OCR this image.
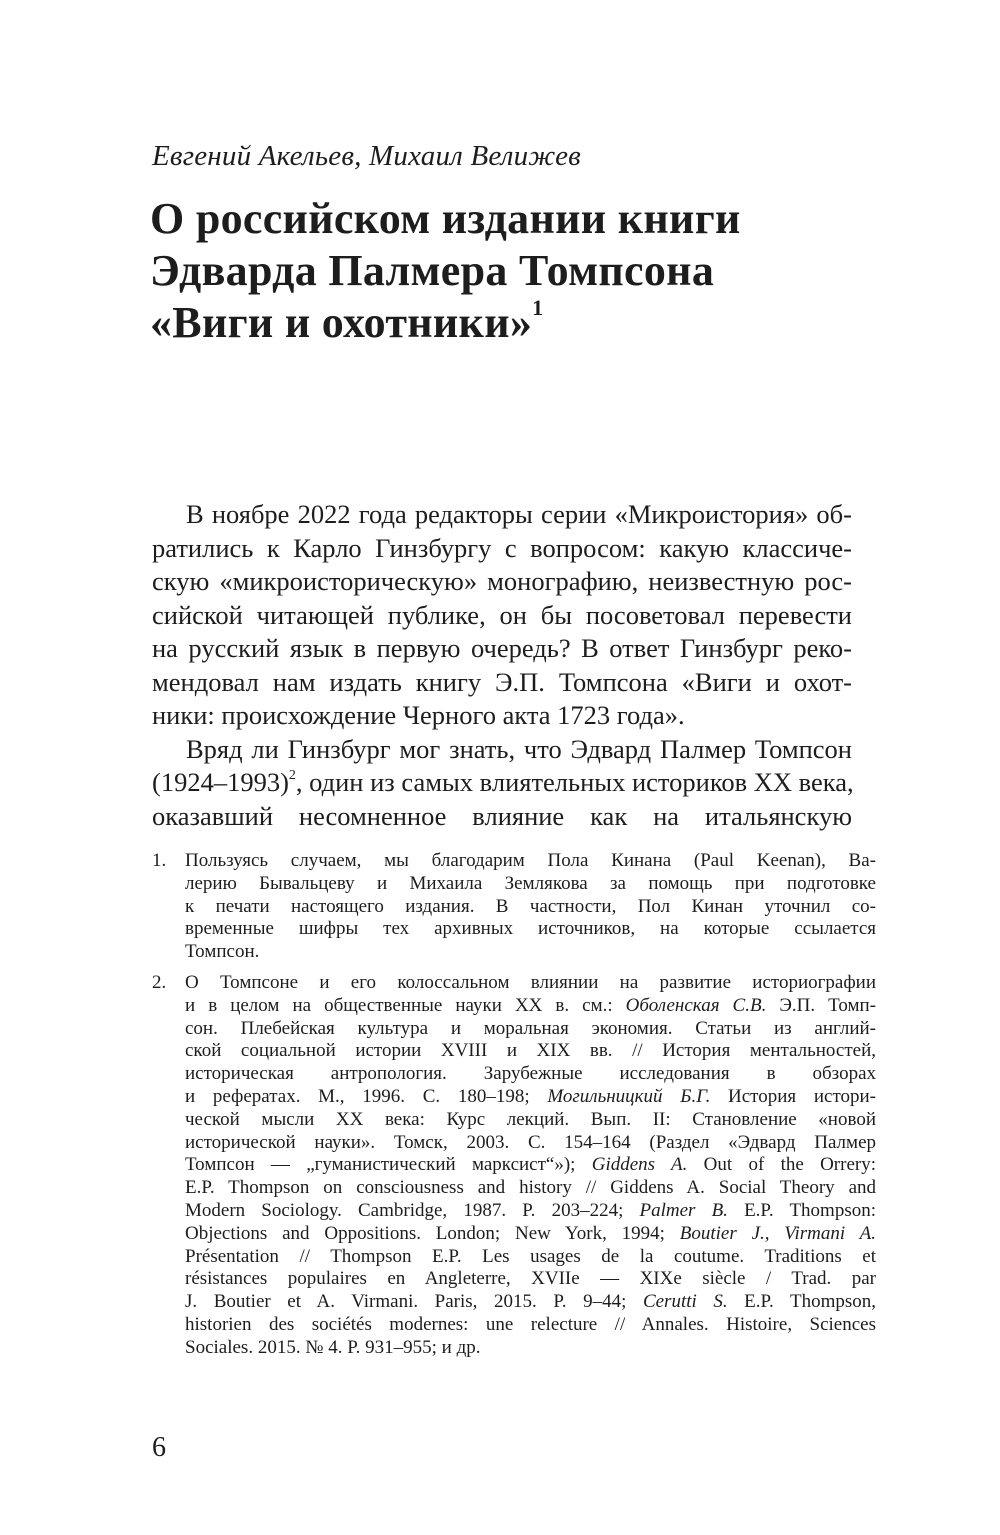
Евгений Акельев, Михаил Велижев
О российском издании книги
Эдварда Палмера Томпсона
«Виги и охотники»$^1$
В ноябре 2022 года редакторы серии «Микроистория» об-
ратились к Карло Гинзбургу с вопросом: какую классиче-
скую «микроисторическую» монографию, неизвестную рос-
сийской читающей публике, он бы посоветовал перевести
на русский язык в первую очередь? В ответ Гинзбург реко-
мендовал нам издать книгу Э.П. Томпсона «Виги и охот-
ники: происхождение Черного акта 1723 года».
Вряд ли Гинзбург мог знать, что Эдвард Палмер Томпсон
(1924–1993)$^2$, один из самых влиятельных историков XX века,
оказавший несомненное влияние как на итальянскую
1. Пользуясь случаем, мы благодарим Пола Кинана (Paul Keenan), Ва-
лерию Бывальцеву и Михаила Землякова за помощь при подготовке
к печати настоящего издания. В частности, Пол Кинан уточнил со-
временные шифры тех архивных источников, на которые ссылается
Томпсон.
2. О Томпсоне и его колоссальном влиянии на развитие историографии
и в целом на общественные науки XX в. см.: Оболенская С.В. Э.П. Томп-
сон. Плебейская культура и моральная экономия. Статьи из англий-
ской социальной истории XVIII и XIX вв. // История ментальностей,
историческая антропология. Зарубежные исследования в обзорах
и рефератах. М., 1996. С. 180–198; Могильницкий Б.Г. История истори-
ческой мысли XX века: Курс лекций. Вып. II: Становление «новой
исторической науки». Томск, 2003. С. 154–164 (Раздел «Эдвард Палмер
Томпсон — „гуманистический марксист“»); Giddens A. Out of the Orrery:
E.P. Thompson on consciousness and history // Giddens A. Social Theory and
Modern Sociology. Cambridge, 1987. P. 203–224; Palmer B. E.P. Thompson:
Objections and Oppositions. London; New York, 1994; Boutier J., Virmani A.
Présentation // Thompson E.P. Les usages de la coutume. Traditions et
résistances populaires en Angleterre, XVIIe — XIXe siècle / Trad. par
J. Boutier et A. Virmani. Paris, 2015. P. 9–44; Cerutti S. E.P. Thompson,
historien des sociétés modernes: une relecture // Annales. Histoire, Sciences
Sociales. 2015. № 4. P. 931–955; и др.
6
